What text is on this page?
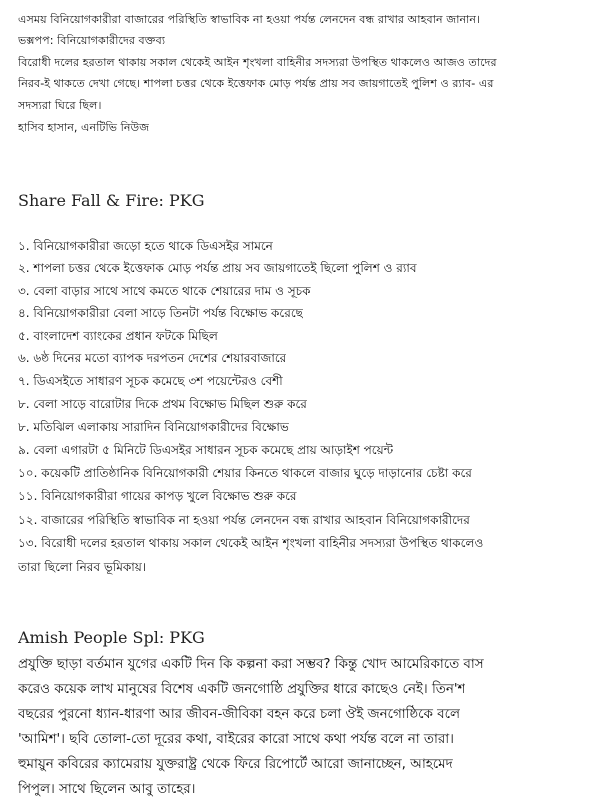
এসময় বিনিয়োগকারীরা বাজারের পরিস্থিতি স্বাভাবিক না হওয়া পর্যন্ত লেনদেন বন্ধ রাখার আহবান জানান।
ভক্সপপ: বিনিয়োগকারীদের বক্তব্য
বিরোধী দলের হরতাল থাকায় সকাল থেকেই আইন শৃংখলা বাহিনীর সদস্যরা উপস্থিত থাকলেও আজও তাদের
নিরব-ই থাকতে দেখা গেছে। শাপলা চত্তর থেকে ইত্তেফাক মোড় পর্যন্ত প্রায় সব জায়গাতেই পুলিশ ও র‍্যাব- এর
সদস্যরা ঘিরে ছিল।
হাসিব হাসান, এনটিভি নিউজ
Share Fall & Fire: PKG
১. বিনিয়োগকারীরা জড়ো হতে থাকে ডিএসইর সামনে
২. শাপলা চত্তর থেকে ইত্তেফাক মোড় পর্যন্ত প্রায় সব জায়গাতেই ছিলো পুলিশ ও র‍্যাব
৩. বেলা বাড়ার সাথে সাথে কমতে থাকে শেয়ারের দাম ও সূচক
৪. বিনিয়োগকারীরা বেলা সাড়ে তিনটা পর্যন্ত বিক্ষোভ করেছে
৫. বাংলাদেশ ব্যাংকের প্রধান ফটকে মিছিল
৬. ৬ষ্ঠ দিনের মতো ব্যাপক দরপতন দেশের শেয়ারবাজারে
৭. ডিএসইতে সাধারণ সূচক কমেছে ৩শ পয়েন্টেরও বেশী
৮. বেলা সাড়ে বারোটার দিকে প্রথম বিক্ষোভ মিছিল শুরু করে
৮. মতিঝিল এলাকায় সারাদিন বিনিয়োগকারীদের বিক্ষোভ
৯. বেলা এগারটা ৫ মিনিটে ডিএসইর সাধারন সূচক কমেছে প্রায় আড়াইশ পয়েন্ট
১০. কয়েকটি প্রাতিষ্ঠানিক বিনিয়োগকারী শেয়ার কিনতে থাকলে বাজার ঘুড়ে দাড়ানোর চেষ্টা করে
১১. বিনিয়োগকারীরা গায়ের কাপড় খুলে বিক্ষোভ শুরু করে
১২. বাজারের পরিস্থিতি স্বাভাবিক না হওয়া পর্যন্ত লেনদেন বন্ধ রাখার আহবান বিনিয়োগকারীদের
১৩. বিরোধী দলের হরতাল থাকায় সকাল থেকেই আইন শৃংখলা বাহিনীর সদস্যরা উপস্থিত থাকলেও
তারা ছিলো নিরব ভূমিকায়।
Amish People Spl: PKG
প্রযুক্তি ছাড়া বর্তমান যুগের একটি দিন কি কল্পনা করা সম্ভব? কিন্তু খোদ আমেরিকাতে বাস
করেও কয়েক লাখ মানুষের বিশেষ একটি জনগোষ্ঠি প্রযুক্তির ধারে কাছেও নেই। তিন'শ
বছরের পুরনো ধ্যান-ধারণা আর জীবন-জীবিকা বহন করে চলা ঔই জনগোষ্ঠিকে বলে
'আমিশ'। ছবি তোলা-তো দূরের কথা, বাইরের কারো সাথে কথা পর্যন্ত বলে না তারা।
হুমায়ুন কবিরের ক্যামেরায় যুক্তরাষ্ট্র থেকে ফিরে রিপোর্টে আরো জানাচ্ছেন, আহমেদ
পিপুল। সাথে ছিলেন আবু তাহের।
